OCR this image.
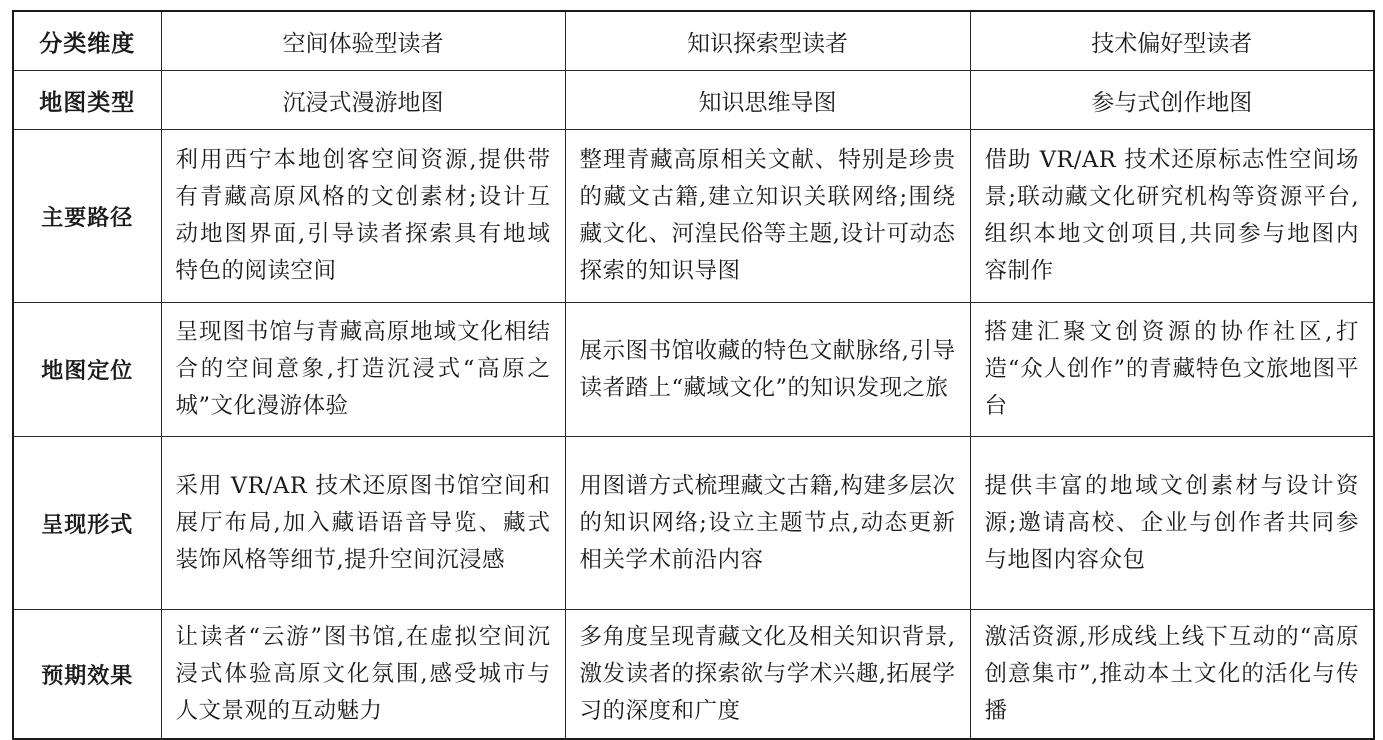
分类维度	空间体验型读者	知识探索型读者	技术偏好型读者
地图类型	沉浸式漫游地图	知识思维导图	参与式创作地图
主要路径	利用西宁本地创客空间资源,提供带有青藏高原风格的文创素材;设计互动地图界面,引导读者探索具有地域特色的阅读空间	整理青藏高原相关文献、特别是珍贵的藏文古籍,建立知识关联网络;围绕藏文化、河湟民俗等主题,设计可动态探索的知识导图	借助 VR/AR 技术还原标志性空间场景;联动藏文化研究机构等资源平台,组织本地文创项目,共同参与地图内容制作
地图定位	呈现图书馆与青藏高原地域文化相结合的空间意象,打造沉浸式“高原之城”文化漫游体验	展示图书馆收藏的特色文献脉络,引导读者踏上“藏域文化”的知识发现之旅	搭建汇聚文创资源的协作社区,打造“众人创作”的青藏特色文旅地图平台
呈现形式	采用 VR/AR 技术还原图书馆空间和展厅布局,加入藏语语音导览、藏式装饰风格等细节,提升空间沉浸感	用图谱方式梳理藏文古籍,构建多层次的知识网络;设立主题节点,动态更新相关学术前沿内容	提供丰富的地域文创素材与设计资源;邀请高校、企业与创作者共同参与地图内容众包
预期效果	让读者“云游”图书馆,在虚拟空间沉浸式体验高原文化氛围,感受城市与人文景观的互动魅力	多角度呈现青藏文化及相关知识背景,激发读者的探索欲与学术兴趣,拓展学习的深度和广度	激活资源,形成线上线下互动的“高原创意集市”,推动本土文化的活化与传播
